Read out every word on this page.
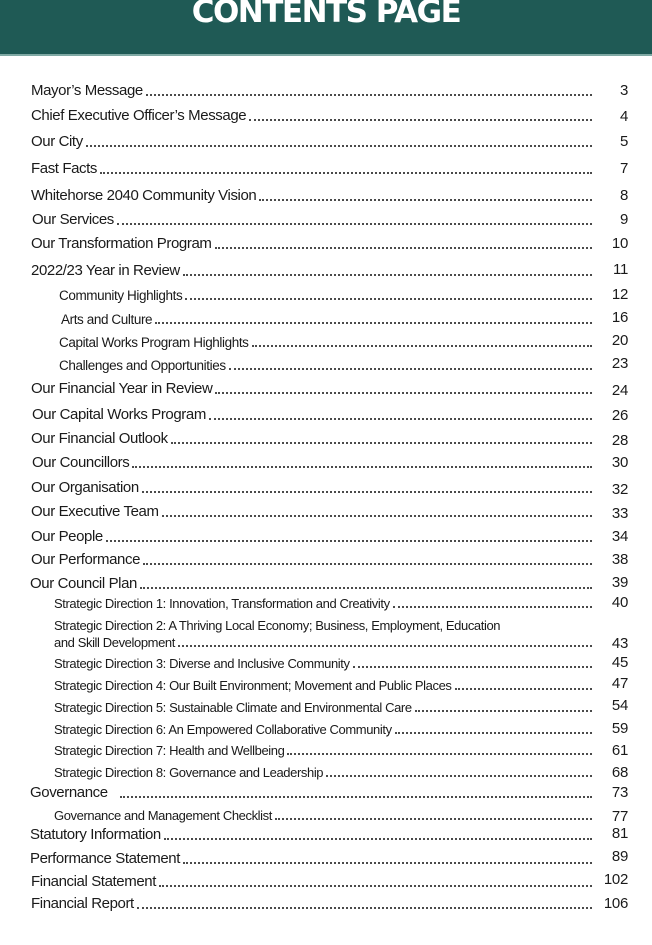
CONTENTS PAGE
Mayor’s Message	3
Chief Executive Officer’s Message	4
Our City	5
Fast Facts	7
Whitehorse 2040 Community Vision	8
Our Services	9
Our Transformation Program	10
2022/23 Year in Review	11
Community Highlights	12
Arts and Culture	16
Capital Works Program Highlights	20
Challenges and Opportunities	23
Our Financial Year in Review	24
Our Capital Works Program	26
Our Financial Outlook	28
Our Councillors	30
Our Organisation	32
Our Executive Team	33
Our People	34
Our Performance	38
Our Council Plan	39
Strategic Direction 1: Innovation, Transformation and Creativity	40
Strategic Direction 2: A Thriving Local Economy; Business, Employment, Education
and Skill Development	43
Strategic Direction 3: Diverse and Inclusive Community	45
Strategic Direction 4: Our Built Environment; Movement and Public Places	47
Strategic Direction 5: Sustainable Climate and Environmental Care	54
Strategic Direction 6: An Empowered Collaborative Community	59
Strategic Direction 7: Health and Wellbeing	61
Strategic Direction 8: Governance and Leadership	68
Governance	73
Governance and Management Checklist	77
Statutory Information	81
Performance Statement	89
Financial Statement	102
Financial Report	106
